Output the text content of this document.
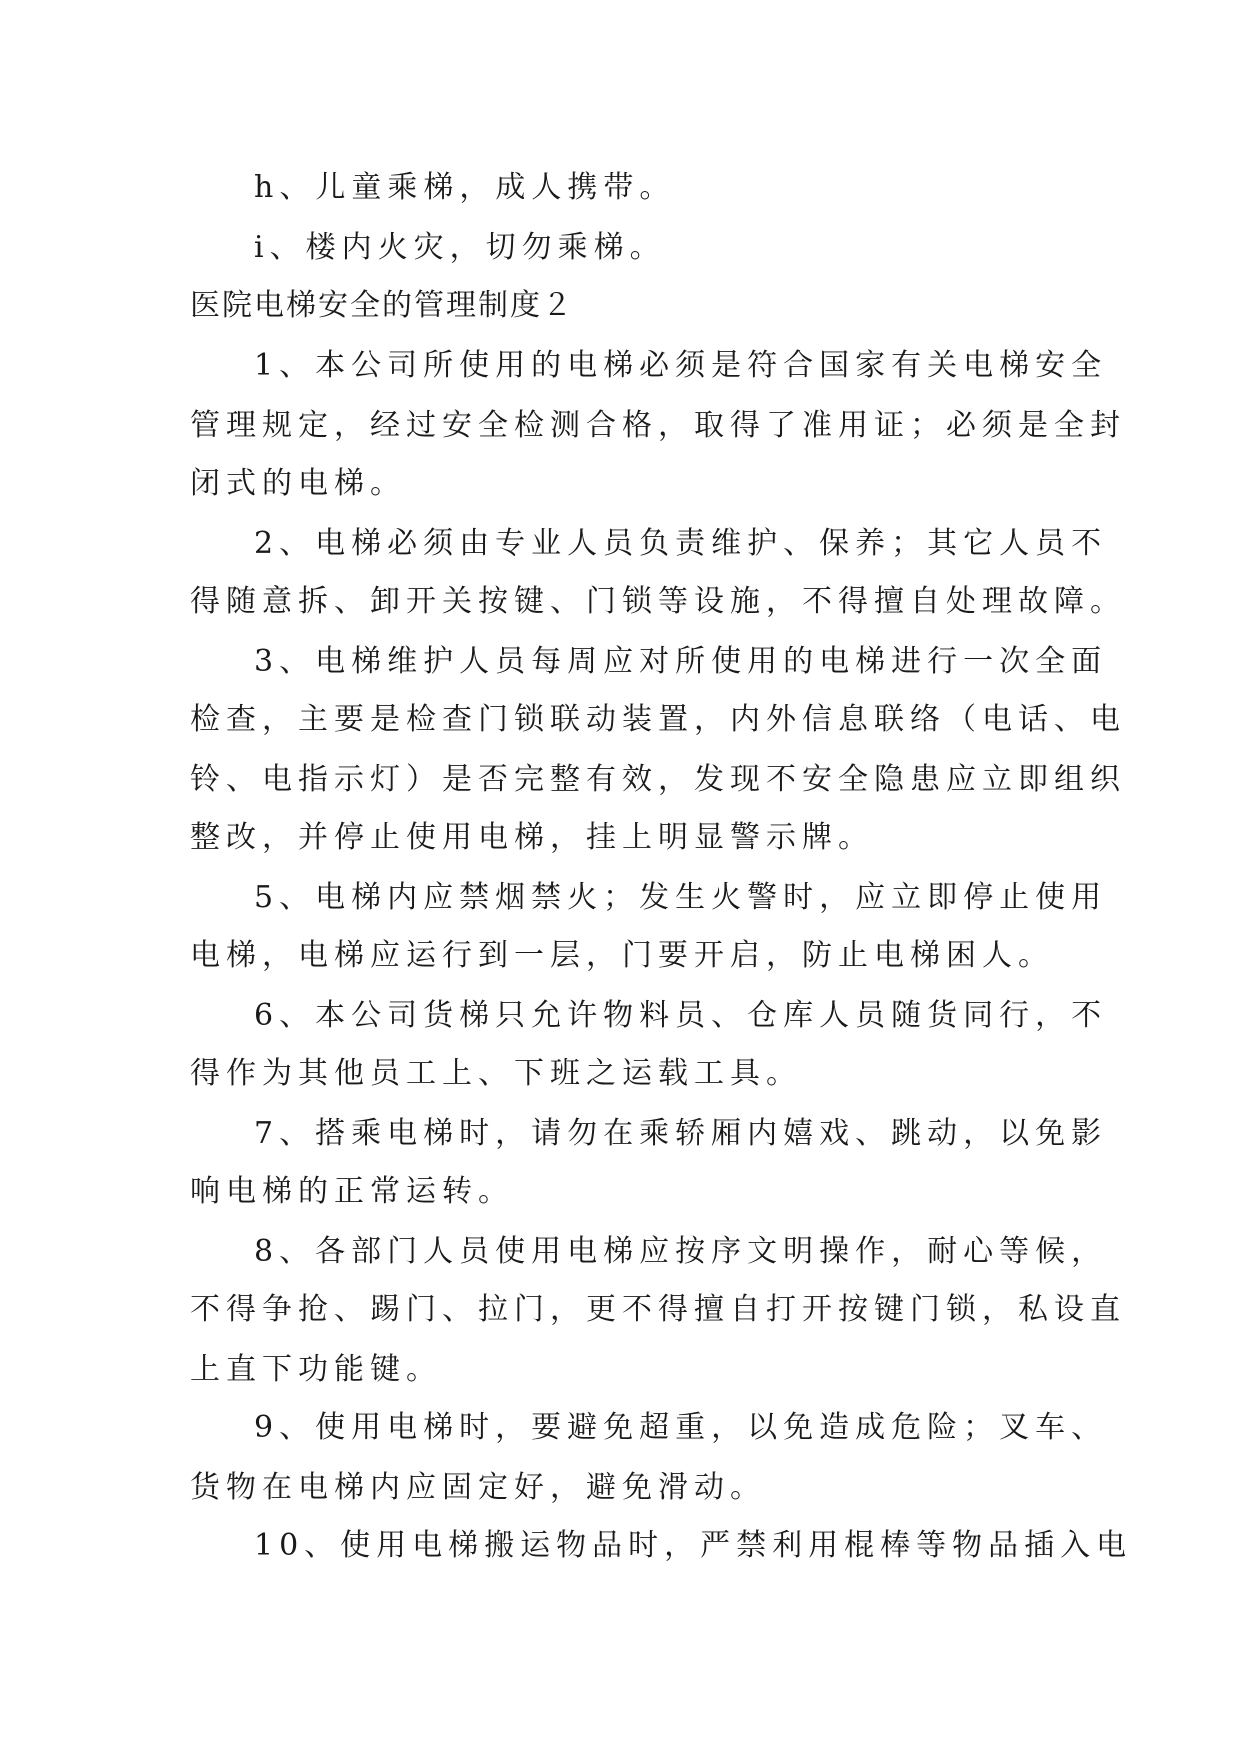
h、儿童乘梯，成人携带。

i、楼内火灾，切勿乘梯。

医院电梯安全的管理制度２

1、本公司所使用的电梯必须是符合国家有关电梯安全

管理规定，经过安全检测合格，取得了准用证；必须是全封

闭式的电梯。

2、电梯必须由专业人员负责维护、保养；其它人员不

得随意拆、卸开关按键、门锁等设施，不得擅自处理故障。

3、电梯维护人员每周应对所使用的电梯进行一次全面

检查，主要是检查门锁联动装置，内外信息联络（电话、电

铃、电指示灯）是否完整有效，发现不安全隐患应立即组织

整改，并停止使用电梯，挂上明显警示牌。

5、电梯内应禁烟禁火；发生火警时，应立即停止使用

电梯，电梯应运行到一层，门要开启，防止电梯困人。

6、本公司货梯只允许物料员、仓库人员随货同行，不

得作为其他员工上、下班之运载工具。

7、搭乘电梯时，请勿在乘轿厢内嬉戏、跳动，以免影

响电梯的正常运转。

8、各部门人员使用电梯应按序文明操作，耐心等候，

不得争抢、踢门、拉门，更不得擅自打开按键门锁，私设直

上直下功能键。

9、使用电梯时，要避免超重，以免造成危险；叉车、

货物在电梯内应固定好，避免滑动。

10、使用电梯搬运物品时，严禁利用棍棒等物品插入电
